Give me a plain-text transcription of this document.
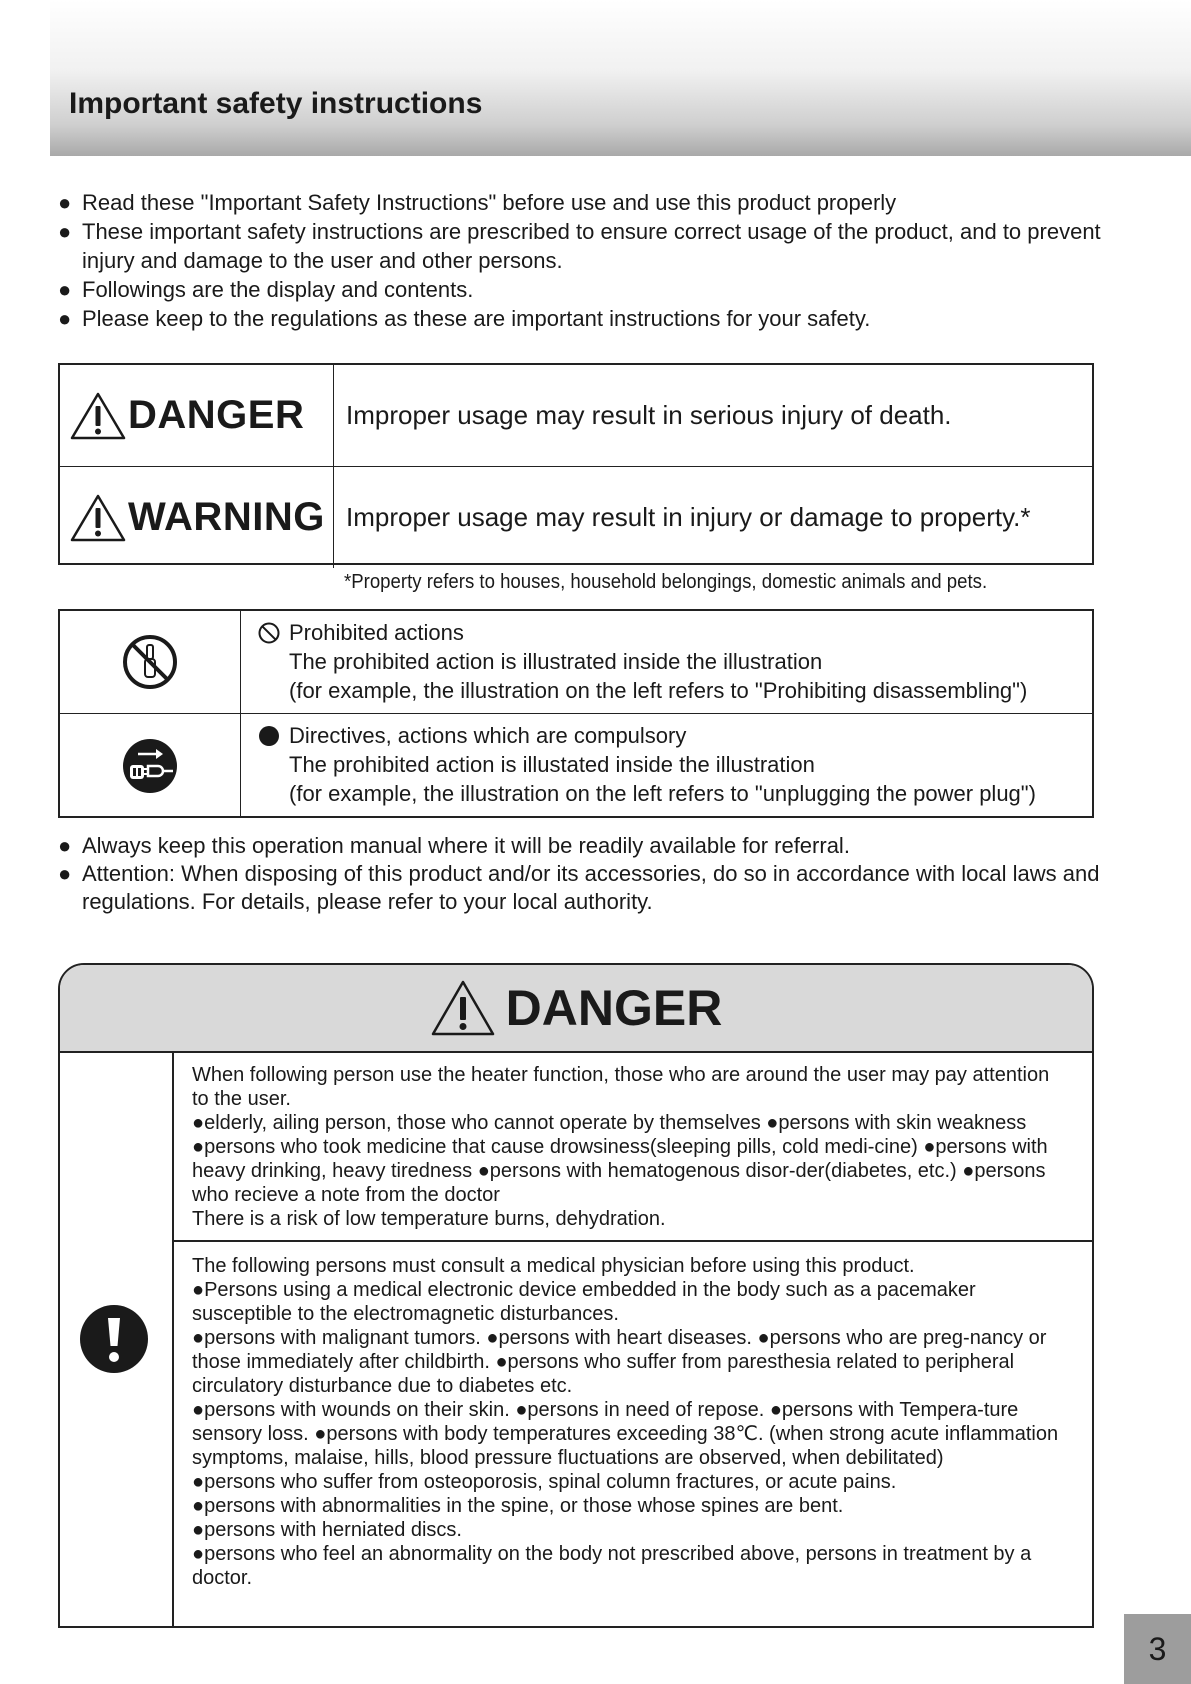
Important safety instructions

● Read these "Important Safety Instructions" before use and use this product properly

● These important safety instructions are prescribed to ensure correct usage of the product, and to prevent injury and damage to the user and other persons.

● Followings are the display and contents.

● Please keep to the regulations as these are important instructions for your safety.

DANGER	Improper usage may result in serious injury of death.
WARNING Improper usage may result in injury or damage to property.*
*Property refers to houses, household belongings, domestic animals and pets.
Prohibited actions
The prohibited action is illustrated inside the illustration
(for example, the illustration on the left refers to "Prohibiting disassembling")
Directives, actions which are compulsory
The prohibited action is illustated inside the illustration
(for example, the illustration on the left refers to "unplugging the power plug")

● Always keep this operation manual where it will be readily available for referral.

● Attention: When disposing of this product and/or its accessories, do so in accordance with local laws and regulations. For details, please refer to your local authority.

DANGER

When following person use the heater function, those who are around the user may pay attention to the user.

●elderly, ailing person, those who cannot operate by themselves ●persons with skin weakness ●persons who took medicine that cause drowsiness(sleeping pills, cold medi-cine) ●persons with heavy drinking, heavy tiredness ●persons with hematogenous disor-der(diabetes, etc.) ●persons who recieve a note from the doctor

There is a risk of low temperature burns, dehydration.

The following persons must consult a medical physician before using this product.

●Persons using a medical electronic device embedded in the body such as a pacemaker susceptible to the electromagnetic disturbances.

●persons with malignant tumors. ●persons with heart diseases. ●persons who are preg-nancy or those immediately after childbirth. ●persons who suffer from paresthesia related to peripheral circulatory disturbance due to diabetes etc.

●persons with wounds on their skin. ●persons in need of repose. ●persons with Tempera-ture sensory loss. ●persons with body temperatures exceeding 38℃. (when strong acute inflammation symptoms, malaise, hills, blood pressure fluctuations are observed, when debilitated)

●persons who suffer from osteoporosis, spinal column fractures, or acute pains.

●persons with abnormalities in the spine, or those whose spines are bent.

●persons with herniated discs.

●persons who feel an abnormality on the body not prescribed above, persons in treatment by a doctor.

3
